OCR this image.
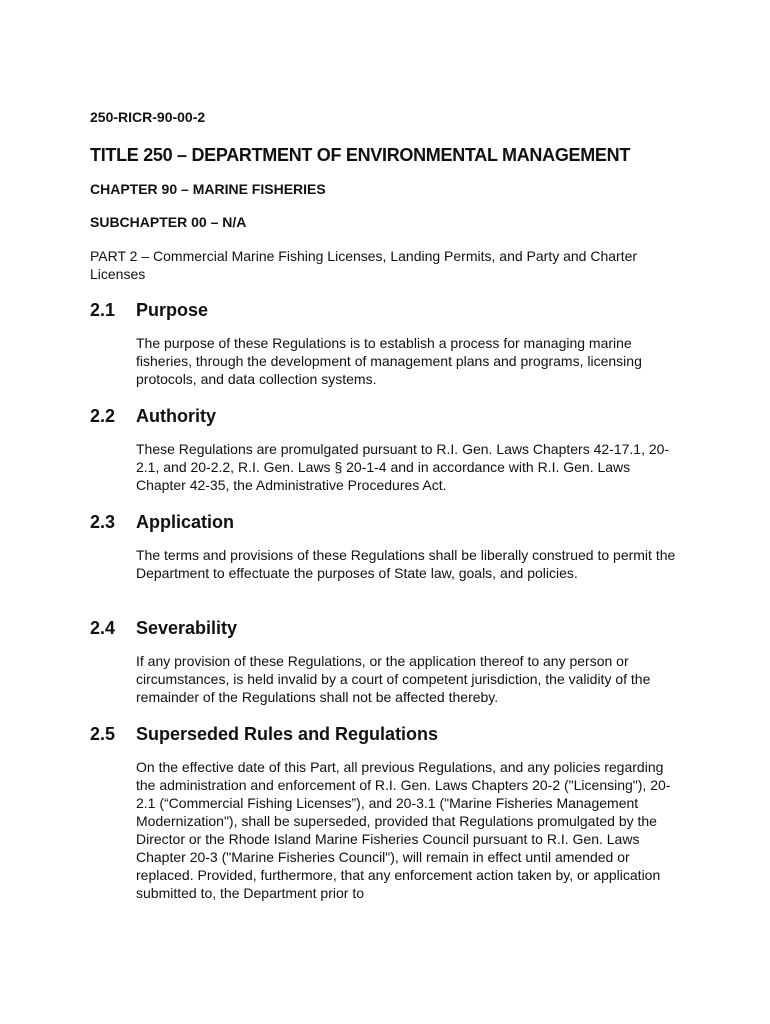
250-RICR-90-00-2
TITLE 250 – DEPARTMENT OF ENVIRONMENTAL MANAGEMENT
CHAPTER 90 – MARINE FISHERIES
SUBCHAPTER 00 – N/A
PART 2 – Commercial Marine Fishing Licenses, Landing Permits, and Party and Charter Licenses
2.1 Purpose
The purpose of these Regulations is to establish a process for managing marine fisheries, through the development of management plans and programs, licensing protocols, and data collection systems.
2.2 Authority
These Regulations are promulgated pursuant to R.I. Gen. Laws Chapters 42-17.1, 20-2.1, and 20-2.2, R.I. Gen. Laws § 20-1-4 and in accordance with R.I. Gen. Laws Chapter 42-35, the Administrative Procedures Act.
2.3 Application
The terms and provisions of these Regulations shall be liberally construed to permit the Department to effectuate the purposes of State law, goals, and policies.
2.4 Severability
If any provision of these Regulations, or the application thereof to any person or circumstances, is held invalid by a court of competent jurisdiction, the validity of the remainder of the Regulations shall not be affected thereby.
2.5 Superseded Rules and Regulations
On the effective date of this Part, all previous Regulations, and any policies regarding the administration and enforcement of R.I. Gen. Laws Chapters 20-2 ("Licensing"), 20-2.1 (“Commercial Fishing Licenses”), and 20-3.1 ("Marine Fisheries Management Modernization"), shall be superseded, provided that Regulations promulgated by the Director or the Rhode Island Marine Fisheries Council pursuant to R.I. Gen. Laws Chapter 20-3 ("Marine Fisheries Council"), will remain in effect until amended or replaced. Provided, furthermore, that any enforcement action taken by, or application submitted to, the Department prior to
